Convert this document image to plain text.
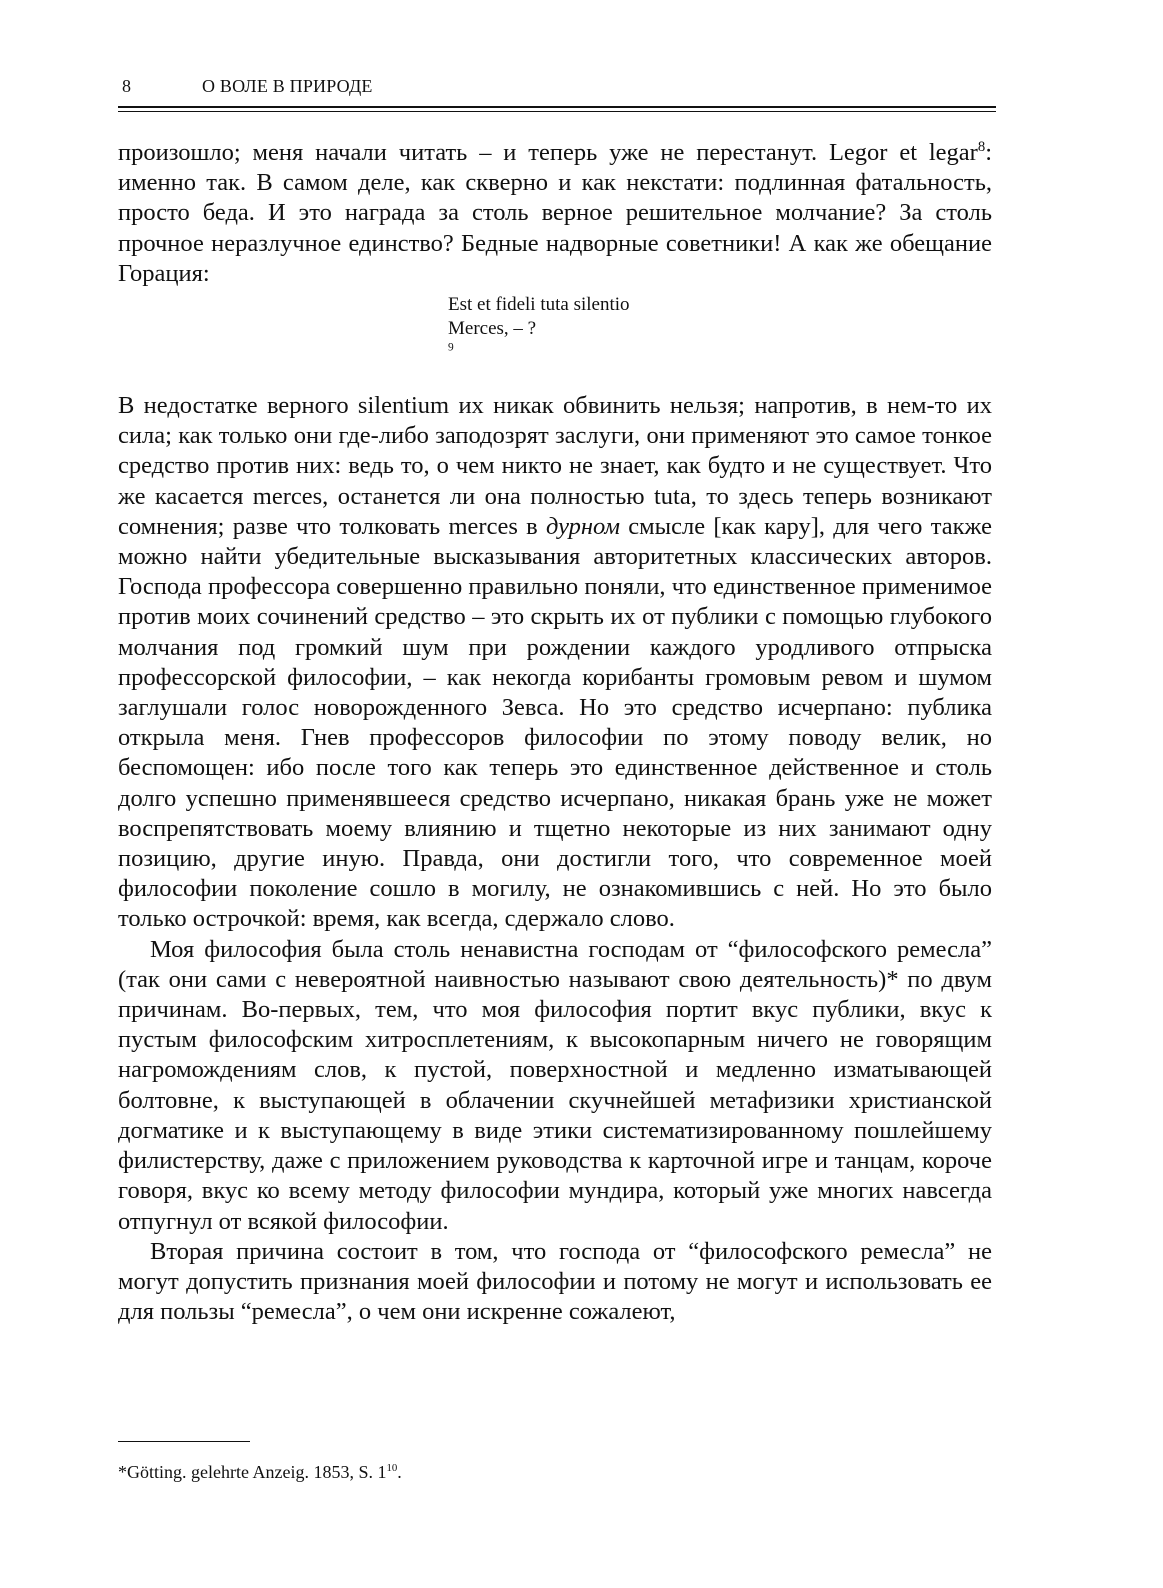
8	О ВОЛЕ В ПРИРОДЕ

произошло; меня начали читать – и теперь уже не перестанут. Legor et legar$^8$: именно так. В самом деле, как скверно и как некстати: подлинная фатальность, просто беда. И это награда за столь верное решительное молчание? За столь прочное неразлучное единство? Бедные надворные советники! А как же обещание Горация:

Est et fideli tuta silentio
Merces, – ?
$^9$

В недостатке верного silentium их никак обвинить нельзя; напротив, в нем-то их сила; как только они где-либо заподозрят заслуги, они применяют это самое тонкое средство против них: ведь то, о чем никто не знает, как будто и не существует. Что же касается merces, останется ли она полностью tuta, то здесь теперь возникают сомнения; разве что толковать merces в дурном смысле [как кару], для чего также можно найти убедительные высказывания авторитетных классических авторов. Господа профессора совершенно правильно поняли, что единственное применимое против моих сочинений средство – это скрыть их от публики с помощью глубокого молчания под громкий шум при рождении каждого уродливого отпрыска профессорской философии, – как некогда корибанты громовым ревом и шумом заглушали голос новорожденного Зевса. Но это средство исчерпано: публика открыла меня. Гнев профессоров философии по этому поводу велик, но беспомощен: ибо после того как теперь это единственное действенное и столь долго успешно применявшееся средство исчерпано, никакая брань уже не может воспрепятствовать моему влиянию и тщетно некоторые из них занимают одну позицию, другие иную. Правда, они достигли того, что современное моей философии поколение сошло в могилу, не ознакомившись с ней. Но это было только острочкой: время, как всегда, сдержало слово.

Моя философия была столь ненавистна господам от “философского ремесла” (так они сами с невероятной наивностью называют свою деятельность)* по двум причинам. Во-первых, тем, что моя философия портит вкус публики, вкус к пустым философским хитросплетениям, к высокопарным ничего не говорящим нагромождениям слов, к пустой, поверхностной и медленно изматывающей болтовне, к выступающей в облачении скучнейшей метафизики христианской догматике и к выступающему в виде этики систематизированному пошлейшему филистерству, даже с приложением руководства к карточной игре и танцам, короче говоря, вкус ко всему методу философии мундира, который уже многих навсегда отпугнул от всякой философии.

Вторая причина состоит в том, что господа от “философского ремесла” не могут допустить признания моей философии и потому не могут и использовать ее для пользы “ремесла”, о чем они искренне сожалеют,

*Götting. gelehrte Anzeig. 1853, S. $1^{10}$.
